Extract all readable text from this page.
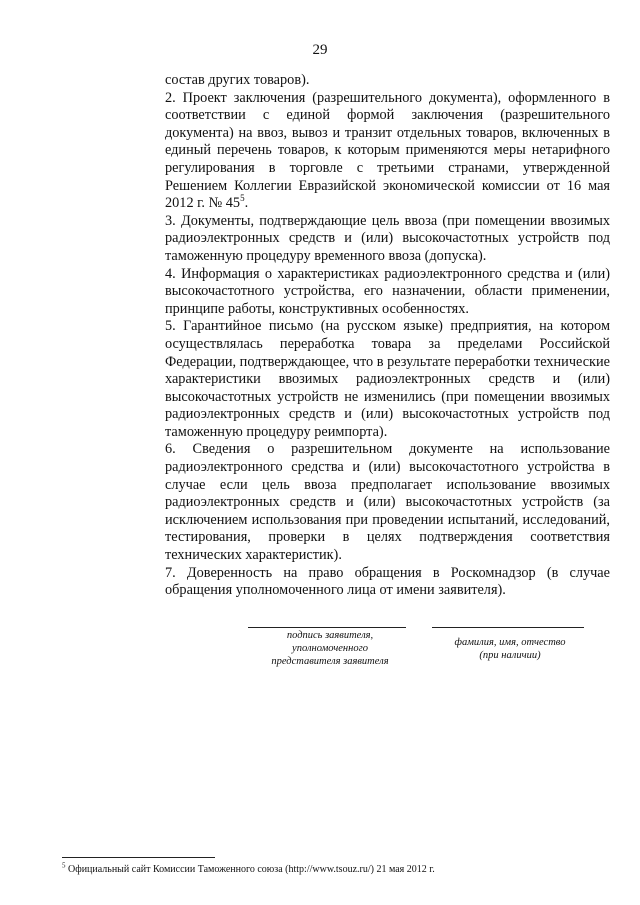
29

состав других товаров).

2. Проект заключения (разрешительного документа), оформленного в соответствии с единой формой заключения (разрешительного документа) на ввоз, вывоз и транзит отдельных товаров, включенных в единый перечень товаров, к которым применяются меры нетарифного регулирования в торговле с третьими странами, утвержденной Решением Коллегии Евразийской экономической комиссии от 16 мая 2012 г. № $45^5$.

3. Документы, подтверждающие цель ввоза (при помещении ввозимых радиоэлектронных средств и (или) высокочастотных устройств под таможенную процедуру временного ввоза (допуска).

4. Информация о характеристиках радиоэлектронного средства и (или) высокочастотного устройства, его назначении, области применении, принципе работы, конструктивных особенностях.

5. Гарантийное письмо (на русском языке) предприятия, на котором осуществлялась переработка товара за пределами Российской Федерации, подтверждающее, что в результате переработки технические характеристики ввозимых радиоэлектронных средств и (или) высокочастотных устройств не изменились (при помещении ввозимых радиоэлектронных средств и (или) высокочастотных устройств под таможенную процедуру реимпорта).

6. Сведения о разрешительном документе на использование радиоэлектронного средства и (или) высокочастотного устройства в случае если цель ввоза предполагает использование ввозимых радиоэлектронных средств и (или) высокочастотных устройств (за исключением использования при проведении испытаний, исследований, тестирования, проверки в целях подтверждения соответствия технических характеристик).

7. Доверенность на право обращения в Роскомнадзор (в случае обращения уполномоченного лица от имени заявителя).

подпись заявителя,
уполномоченного
представителя заявителя
фамилия, имя, отчество
(при наличии)
$^5$ Официальный сайт Комиссии Таможенного союза (http://www.tsouz.ru/) 21 мая 2012 г.
